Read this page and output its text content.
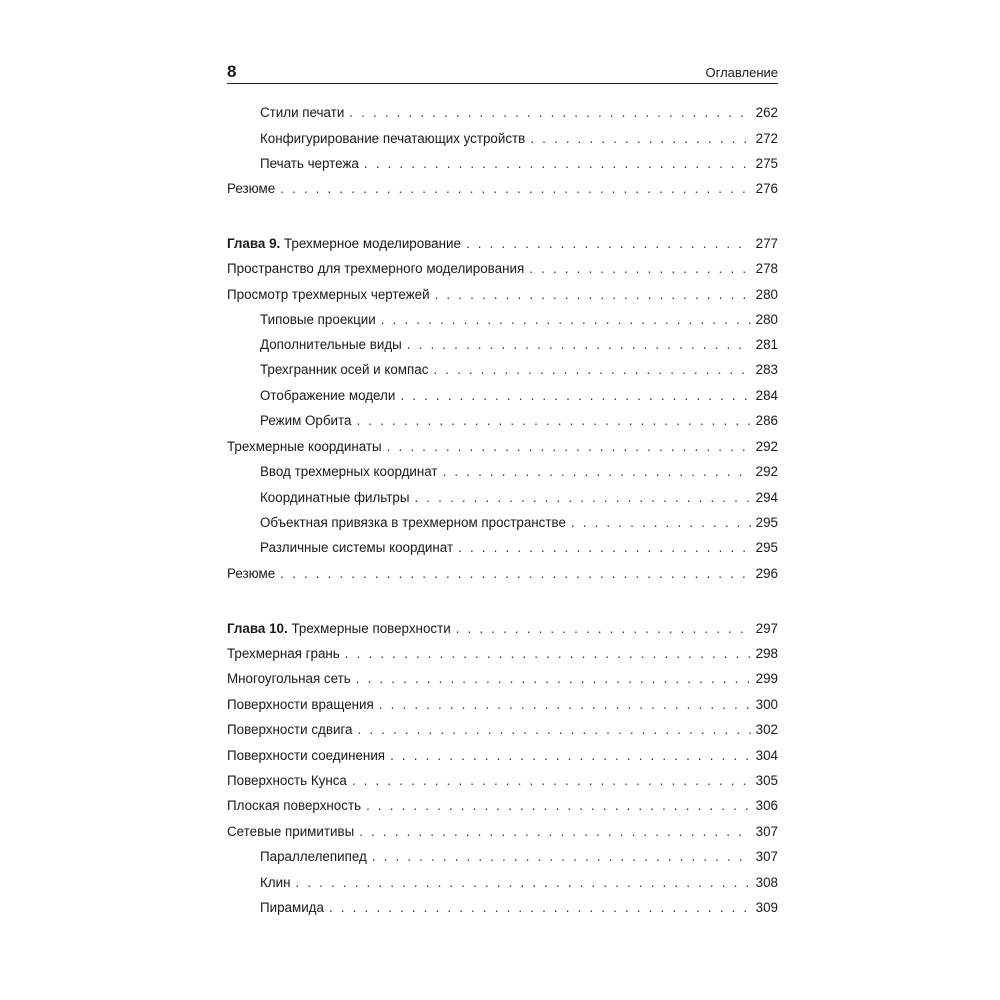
8	Оглавление
Стили печати . . .	262
Конфигурирование печатающих устройств . . .	272
Печать чертежа . . .	275
Резюме . . .	276
Глава 9. Трехмерное моделирование . . .	277
Пространство для трехмерного моделирования . . .	278
Просмотр трехмерных чертежей . . .	280
Типовые проекции . . .	280
Дополнительные виды . . .	281
Трехгранник осей и компас . . .	283
Отображение модели . . .	284
Режим Орбита . . .	286
Трехмерные координаты . . .	292
Ввод трехмерных координат . . .	292
Координатные фильтры . . .	294
Объектная привязка в трехмерном пространстве . . .	295
Различные системы координат . . .	295
Резюме . . .	296
Глава 10. Трехмерные поверхности . . .	297
Трехмерная грань . . .	298
Многоугольная сеть . . .	299
Поверхности вращения . . .	300
Поверхности сдвига . . .	302
Поверхности соединения . . .	304
Поверхность Кунса . . .	305
Плоская поверхность . . .	306
Сетевые примитивы . . .	307
Параллелепипед . . .	307
Клин . . .	308
Пирамида . . .	309
